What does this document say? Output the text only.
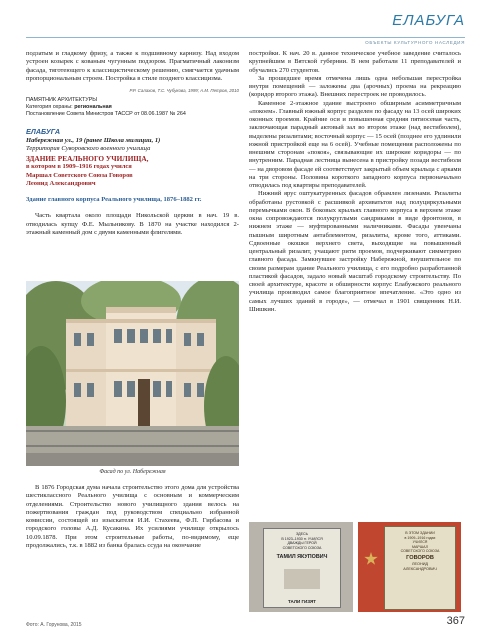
ЕЛАБУГА
ОБЪЕКТЫ КУЛЬТУРНОГО НАСЛЕДИЯ

подзатым и гладкому фризу, а также к подшивному карнизу. Над входом устроен козырек с кованым чугунным подзором. Прагматичный лаконизм фасада, тяготеющего к классицистическому решению, смягчается удачным пропорциональным строем. Постройка в стиле позднего классицизма.

Р.Р. Салахов, Т.С. Чубукова, 1999; А.М. Петров, 2010
ПАМЯТНИК АРХИТЕКТУРЫ
Категория охраны: региональная
Постановление Совета Министров ТАССР от 08.06.1987 № 264
ЕЛАБУГА
Набережная ул., 19 (ранее Школа милиции, 1)
Территория Суворовского военного училища
ЗДАНИЕ РЕАЛЬНОГО УЧИЛИЩА,
в котором в 1909–1916 годах учился
Маршал Советского Союза Говоров
Леонид Александрович
Здание главного корпуса Реального училища, 1876–1882 гг.

Часть квартала около площади Никольской церкви в нач. 19 в. отводилась купцу Ф.Е. Мыльникову. В 1870 на участке находился 2-этажный каменный дом с двумя каменными флигелями.

Фасад по ул. Набережная

В 1876 Городская дума начала строительство этого дома для устройства шестиклассного Реального училища с основным и коммерческим отделениями. Строительство нового училищного здания велось на пожертвования граждан под руководством специально избранной комиссии, состоящей из изыскателя И.И. Стахеева, Ф.П. Гирбасова и городского головы А.Д. Кусакина. Их усилиями училище открылось 10.09.1878. При этом строительные работы, по-видимому, еще продолжались, т.к. в 1882 из банка бралась ссуда на окончание

постройки. К нач. 20 в. данное техническое учебное заведение считалось крупнейшим в Вятской губернии. В нем работали 11 преподавателей и обучались 270 студентов.

За прошедшее время отмечена лишь одна небольшая перестройка внутри помещений — заложены два (арочных) проема на рекреацию (коридор второго этажа). Внешних перестроек не проводилось.

Каменное 2-этажное здание выстроено обширным асимметричным «покоем». Главный южный корпус разделен по фасаду на 13 осей широких оконных проемов. Крайние оси и повышенная средняя пятиосевая часть, заключающая парадный актовый зал во втором этаже (над вестибюлем), выделены ризалитами; восточный корпус — 15 осей (позднее его удлинили южной пристройкой еще на 6 осей). Учебные помещения расположены по внешним сторонам «покоя», связывающие их широкие коридоры — по внутренним. Парадная лестница вынесена в пристройку позади вестибюля — на дворовом фасаде ей соответствует закрытый объем крыльца с арками на три стороны. Половина короткого западного корпуса первоначально отводилась под квартиры преподавателей.

Нижний ярус оштукатуренных фасадов обрамлен лизенами. Ризалиты обработаны рустовкой с расшивкой архиватьтов над полуциркульными перемычками окон. В боковых крыльях главного корпуса в верхнем этаже окна сопровождаются полукруглыми сандриками в виде фронтонов, в нижнем этаже — муфтированными наличниками. Фасады увенчаны пышным широтным антаблементом, ризалиты, кроме того, аттиками. Сдвоенные окошки верхнего света, выходящие на повышенный центральный ризалит, учащают ритм проемов, подчеркивают симметрию главного фасада. Замкнувшее застройку Набережной, внушительное по своим размерам здание Реального училища, с его подробно разработанной пластикой фасадов, задало новый масштаб городскому строительству. По своей архитектуре, красоте и обширности корпус Елабужского реального училища производил самое благоприятное впечатление. «Это одно из самых лучших зданий в городе», — отмечал в 1901 священник Н.И. Шишкин.

ЗДЕСЬ
В 1923–1930 гг. УЧИЛСЯ
ДВАЖДЫ ГЕРОЙ
СОВЕТСКОГО СОЮЗА
ТАМИЛ ЯКУПОВИЧ
ТАЛИ ГИЗЯТ
В ЭТОМ ЗДАНИИ
в 1909–1916 годах
УЧИЛСЯ
МАРШАЛ
СОВЕТСКОГО СОЮЗА
ГОВОРОВ
ЛЕОНИД
АЛЕКСАНДРОВИЧ
Фото: А. Горунова, 2015	367
